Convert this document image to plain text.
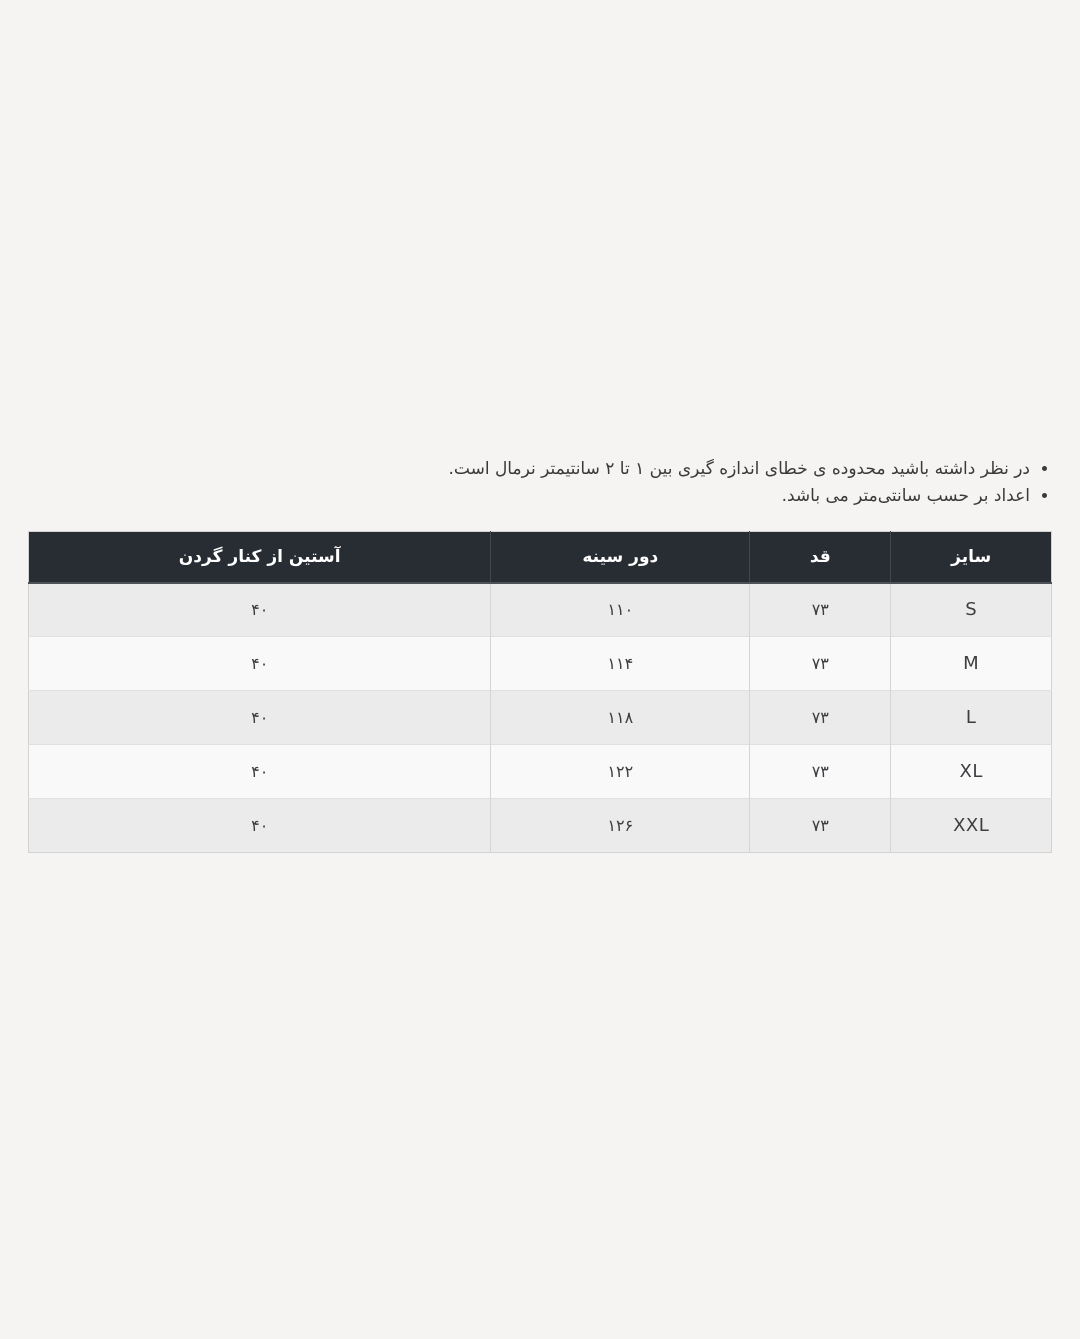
• در نظر داشته باشید محدوده ی خطای اندازه گیری بین ۱ تا ۲ سانتیمتر نرمال است.
• اعداد بر حسب سانتی‌متر می باشد.
سایز	قد	دور سینه	آستین از کنار گردن
S	۷۳	۱۱۰	۴۰
M	۷۳	۱۱۴	۴۰
L	۷۳	۱۱۸	۴۰
XL	۷۳	۱۲۲	۴۰
XXL	۷۳	۱۲۶	۴۰
